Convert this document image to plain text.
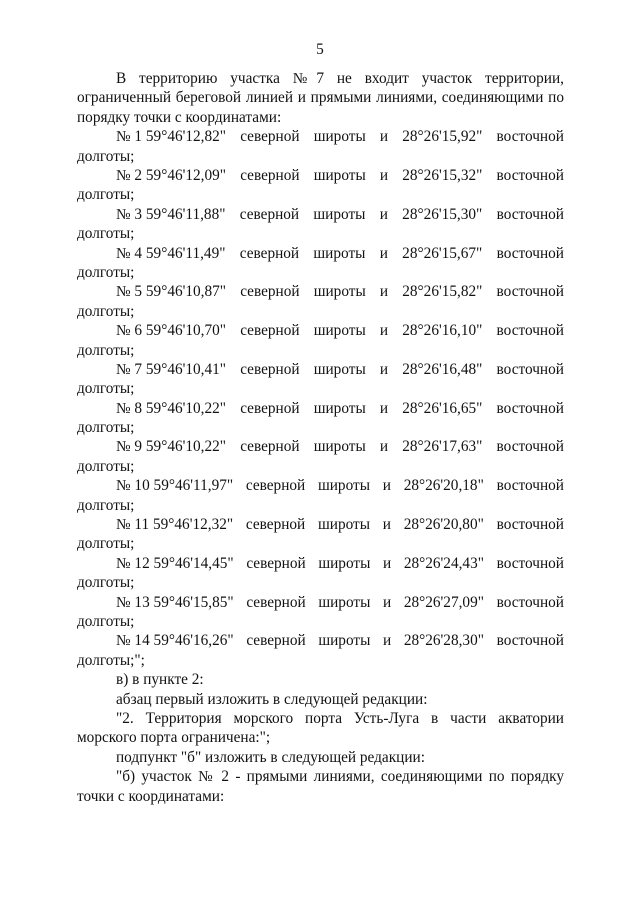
5

В территорию участка №7 не входит участок территории, ограниченный береговой линией и прямыми линиями, соединяющими по порядку точки с координатами:

№ 1 59°46'12,82" северной широты и 28°26'15,92" восточной
долготы;
№ 2 59°46'12,09" северной широты и 28°26'15,32" восточной
долготы;
№ 3 59°46'11,88" северной широты и 28°26'15,30" восточной
долготы;
№ 4 59°46'11,49" северной широты и 28°26'15,67" восточной
долготы;
№ 5 59°46'10,87" северной широты и 28°26'15,82" восточной
долготы;
№ 6 59°46'10,70" северной широты и 28°26'16,10" восточной
долготы;
№ 7 59°46'10,41" северной широты и 28°26'16,48" восточной
долготы;
№ 8 59°46'10,22" северной широты и 28°26'16,65" восточной
долготы;
№ 9 59°46'10,22" северной широты и 28°26'17,63" восточной
долготы;
№ 10 59°46'11,97" северной широты и 28°26'20,18" восточной
долготы;
№ 11 59°46'12,32" северной широты и 28°26'20,80" восточной
долготы;
№ 12 59°46'14,45" северной широты и 28°26'24,43" восточной
долготы;
№ 13 59°46'15,85" северной широты и 28°26'27,09" восточной
долготы;
№ 14 59°46'16,26" северной широты и 28°26'28,30" восточной
долготы;";
в) в пункте 2:
абзац первый изложить в следующей редакции:

"2. Территория морского порта Усть-Луга в части акватории морского порта ограничена:";

подпункт "б" изложить в следующей редакции:

"б) участок № 2 - прямыми линиями, соединяющими по порядку точки с координатами:
